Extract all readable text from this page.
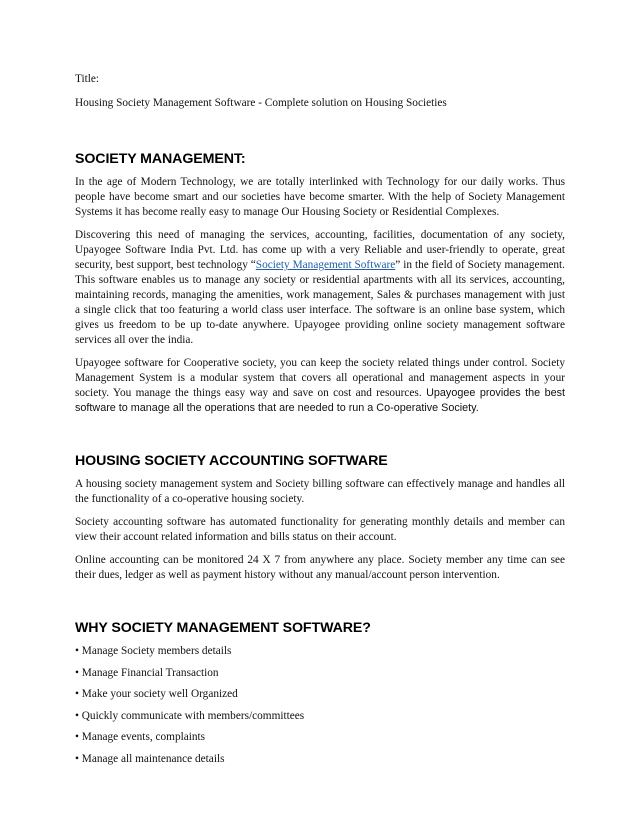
Title:

Housing Society Management Software - Complete solution on Housing Societies

SOCIETY MANAGEMENT:

In the age of Modern Technology, we are totally interlinked with Technology for our daily works. Thus people have become smart and our societies have become smarter. With the help of Society Management Systems it has become really easy to manage Our Housing Society or Residential Complexes.

Discovering this need of managing the services, accounting, facilities, documentation of any society, Upayogee Software India Pvt. Ltd. has come up with a very Reliable and user-friendly to operate, great security, best support, best technology “Society Management Software” in the field of Society management. This software enables us to manage any society or residential apartments with all its services, accounting, maintaining records, managing the amenities, work management, Sales & purchases management with just a single click that too featuring a world class user interface. The software is an online base system, which gives us freedom to be up to-date anywhere. Upayogee providing online society management software services all over the india.

Upayogee software for Cooperative society, you can keep the society related things under control. Society Management System is a modular system that covers all operational and management aspects in your society. You manage the things easy way and save on cost and resources. Upayogee provides the best software to manage all the operations that are needed to run a Co-operative Society.

HOUSING SOCIETY ACCOUNTING SOFTWARE

A housing society management system and Society billing software can effectively manage and handles all the functionality of a co-operative housing society.

Society accounting software has automated functionality for generating monthly details and member can view their account related information and bills status on their account.

Online accounting can be monitored 24 X 7 from anywhere any place. Society member any time can see their dues, ledger as well as payment history without any manual/account person intervention.

WHY SOCIETY MANAGEMENT SOFTWARE?
• Manage Society members details
• Manage Financial Transaction
• Make your society well Organized
• Quickly communicate with members/committees
• Manage events, complaints
• Manage all maintenance details
